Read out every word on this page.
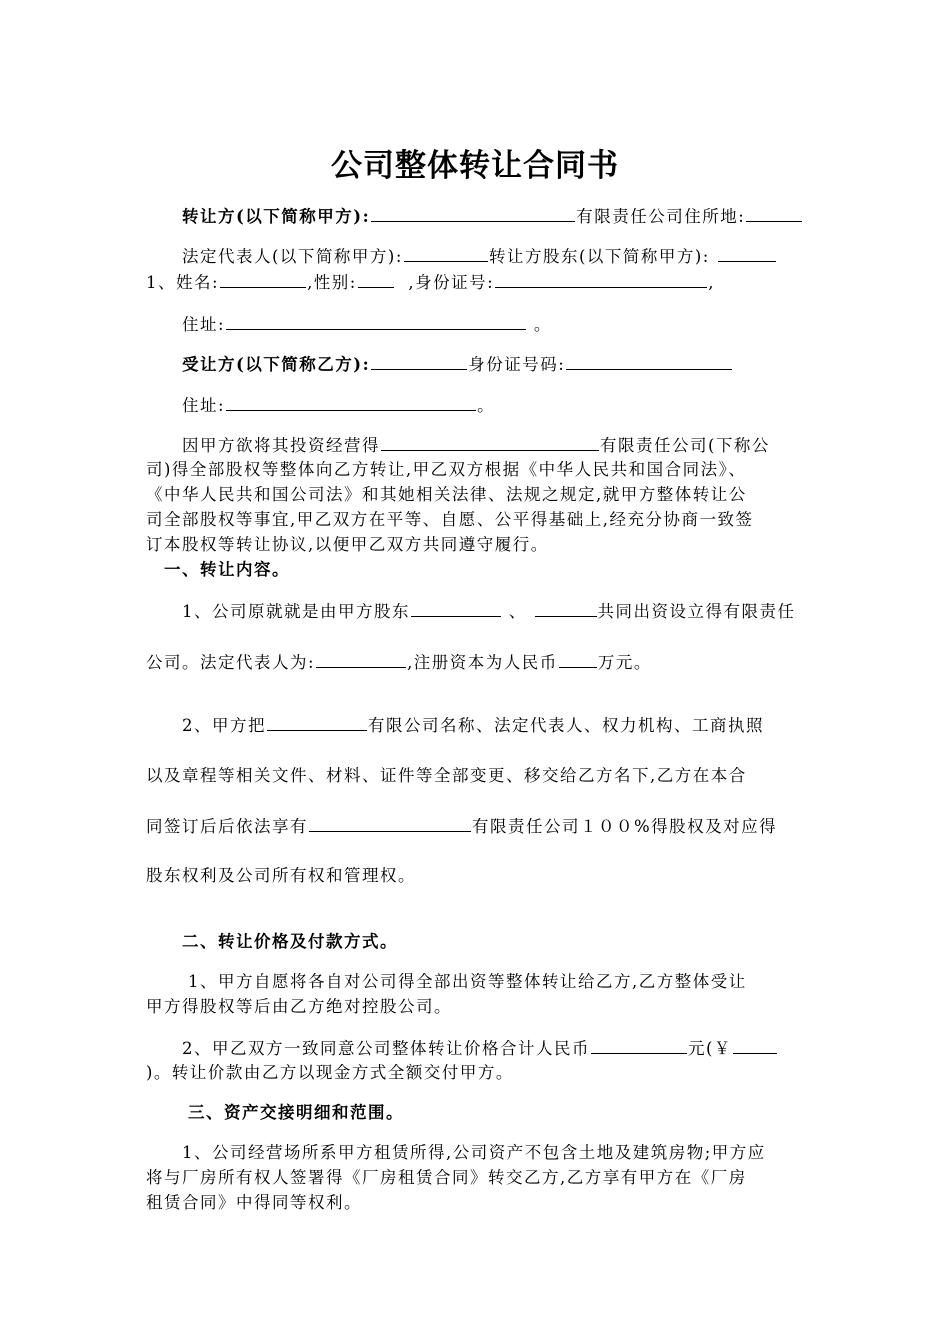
公司整体转让合同书
转让方(以下简称甲方):	有限责任公司住所地:
法定代表人(以下简称甲方):	转让方股东(以下简称甲方):
1、姓名:	,性别:	,身份证号:	,
住址:	。
受让方(以下简称乙方):	身份证号码:
住址:	。
因甲方欲将其投资经营得	有限责任公司(下称公
司)得全部股权等整体向乙方转让,甲乙双方根据《中华人民共和国合同法》、
《中华人民共和国公司法》和其她相关法律、法规之规定,就甲方整体转让公
司全部股权等事宜,甲乙双方在平等、自愿、公平得基础上,经充分协商一致签
订本股权等转让协议,以便甲乙双方共同遵守履行。
一、转让内容。
1、公司原就就是由甲方股东	、	共同出资设立得有限责任
公司。法定代表人为:	,注册资本为人民币 万元。
2、甲方把	有限公司名称、法定代表人、权力机构、工商执照
以及章程等相关文件、材料、证件等全部变更、移交给乙方名下,乙方在本合
同签订后后依法享有	有限责任公司１００%得股权及对应得
股东权利及公司所有权和管理权。
二、转让价格及付款方式。
1、甲方自愿将各自对公司得全部出资等整体转让给乙方,乙方整体受让
甲方得股权等后由乙方绝对控股公司。
2、甲乙双方一致同意公司整体转让价格合计人民币	元(￥
)。转让价款由乙方以现金方式全额交付甲方。
三、资产交接明细和范围。
1、公司经营场所系甲方租赁所得,公司资产不包含土地及建筑房物;甲方应
将与厂房所有权人签署得《厂房租赁合同》转交乙方,乙方享有甲方在《厂房
租赁合同》中得同等权利。
